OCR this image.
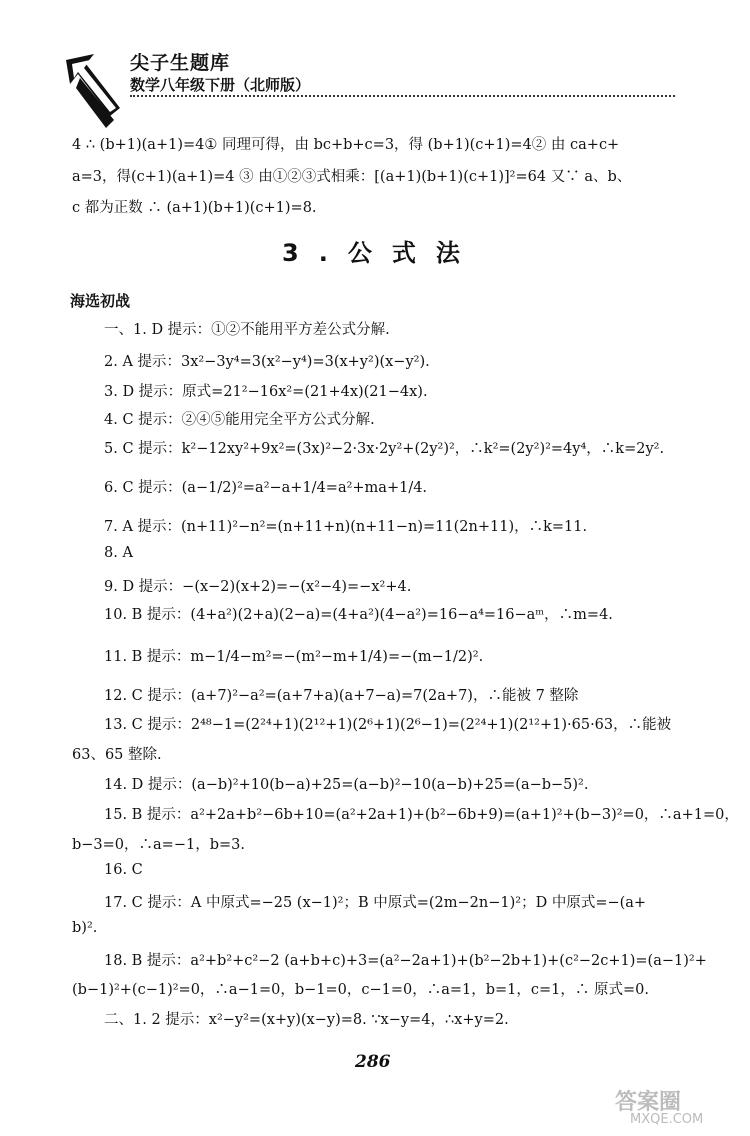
尖子生题库
数学八年级下册（北师版）
4 ∴ (b+1)(a+1)=4① 同理可得，由 bc+b+c=3，得 (b+1)(c+1)=4② 由 ca+c+
a=3，得(c+1)(a+1)=4 ③ 由①②③式相乘：[(a+1)(b+1)(c+1)]²=64 又∵ a、b、
c 都为正数 ∴ (a+1)(b+1)(c+1)=8.
3.公式法
海选初战
一、1. D 提示：①②不能用平方差公式分解.
2. A 提示：3x²−3y⁴=3(x²−y⁴)=3(x+y²)(x−y²).
3. D 提示：原式=21²−16x²=(21+4x)(21−4x).
4. C 提示：②④⑤能用完全平方公式分解.
5. C 提示：k²−12xy²+9x²=(3x)²−2·3x·2y²+(2y²)²，∴k²=(2y²)²=4y⁴，∴k=2y².
6. C 提示：(a−1/2)²=a²−a+1/4=a²+ma+1/4.
7. A 提示：(n+11)²−n²=(n+11+n)(n+11−n)=11(2n+11)，∴k=11.
8. A
9. D 提示：−(x−2)(x+2)=−(x²−4)=−x²+4.
10. B 提示：(4+a²)(2+a)(2−a)=(4+a²)(4−a²)=16−a⁴=16−aᵐ，∴m=4.
11. B 提示：m−1/4−m²=−(m²−m+1/4)=−(m−1/2)².
12. C 提示：(a+7)²−a²=(a+7+a)(a+7−a)=7(2a+7)，∴能被 7 整除
13. C 提示：2⁴⁸−1=(2²⁴+1)(2¹²+1)(2⁶+1)(2⁶−1)=(2²⁴+1)(2¹²+1)·65·63，∴能被
63、65 整除.
14. D 提示：(a−b)²+10(b−a)+25=(a−b)²−10(a−b)+25=(a−b−5)².
15. B 提示：a²+2a+b²−6b+10=(a²+2a+1)+(b²−6b+9)=(a+1)²+(b−3)²=0，∴a+1=0，
b−3=0，∴a=−1，b=3.
16. C
17. C 提示：A 中原式=−25 (x−1)²；B 中原式=(2m−2n−1)²；D 中原式=−(a+
b)².
18. B 提示：a²+b²+c²−2 (a+b+c)+3=(a²−2a+1)+(b²−2b+1)+(c²−2c+1)=(a−1)²+
(b−1)²+(c−1)²=0，∴a−1=0，b−1=0，c−1=0，∴a=1，b=1，c=1，∴ 原式=0.
二、1. 2 提示：x²−y²=(x+y)(x−y)=8. ∵x−y=4，∴x+y=2.
286
答案圈
MXQE.COM
